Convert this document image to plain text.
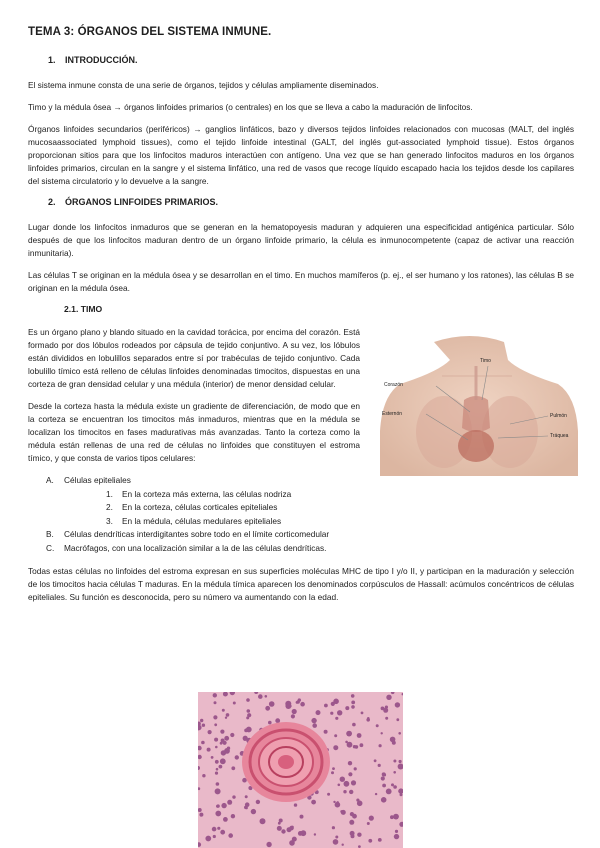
TEMA 3: ÓRGANOS DEL SISTEMA INMUNE.
1. INTRODUCCIÓN.

El sistema inmune consta de una serie de órganos, tejidos y células ampliamente diseminados.

Timo y la médula ósea → órganos linfoides primarios (o centrales) en los que se lleva a cabo la maduración de linfocitos.

Órganos linfoides secundarios (periféricos) → ganglios linfáticos, bazo y diversos tejidos linfoides relacionados con mucosas (MALT, del inglés mucosaassociated lymphoid tissues), como el tejido linfoide intestinal (GALT, del inglés gut-associated lymphoid tissue). Estos órganos proporcionan sitios para que los linfocitos maduros interactúen con antígeno. Una vez que se han generado linfocitos maduros en los órganos linfoides primarios, circulan en la sangre y el sistema linfático, una red de vasos que recoge líquido escapado hacia los tejidos desde los capilares del sistema circulatorio y lo devuelve a la sangre.

2. ÓRGANOS LINFOIDES PRIMARIOS.

Lugar donde los linfocitos inmaduros que se generan en la hematopoyesis maduran y adquieren una especificidad antigénica particular. Sólo después de que los linfocitos maduran dentro de un órgano linfoide primario, la célula es inmunocompetente (capaz de activar una reacción inmunitaria).

Las células T se originan en la médula ósea y se desarrollan en el timo. En muchos mamíferos (p. ej., el ser humano y los ratones), las células B se originan en la médula ósea.

2.1. TIMO
Timo
Corazón
Esternón	Pulmón
Tráquea

Es un órgano plano y blando situado en la cavidad torácica, por encima del corazón. Está formado por dos lóbulos rodeados por cápsula de tejido conjuntivo. A su vez, los lóbulos están divididos en lobulillos separados entre sí por trabéculas de tejido conjuntivo. Cada lobulillo tímico está relleno de células linfoides denominadas timocitos, dispuestas en una corteza de gran densidad celular y una médula (interior) de menor densidad celular.

Desde la corteza hasta la médula existe un gradiente de diferenciación, de modo que en la corteza se encuentran los timocitos más inmaduros, mientras que en la médula se localizan los timocitos en fases madurativas más avanzadas. Tanto la corteza como la médula están rellenas de una red de células no linfoides que constituyen el estroma tímico, y que consta de varios tipos celulares:

A. Células epiteliales
1. En la corteza más externa, las células nodriza
2. En la corteza, células corticales epiteliales
3. En la médula, células medulares epiteliales
B. Células dendríticas interdigitantes sobre todo en el límite corticomedular
C. Macrófagos, con una localización similar a la de las células dendríticas.

Todas estas células no linfoides del estroma expresan en sus superficies moléculas MHC de tipo I y/o II, y participan en la maduración y selección de los timocitos hacia células T maduras. En la médula tímica aparecen los denominados corpúsculos de Hassall: acúmulos concéntricos de células epiteliales. Su función es desconocida, pero su número va aumentando con la edad.
